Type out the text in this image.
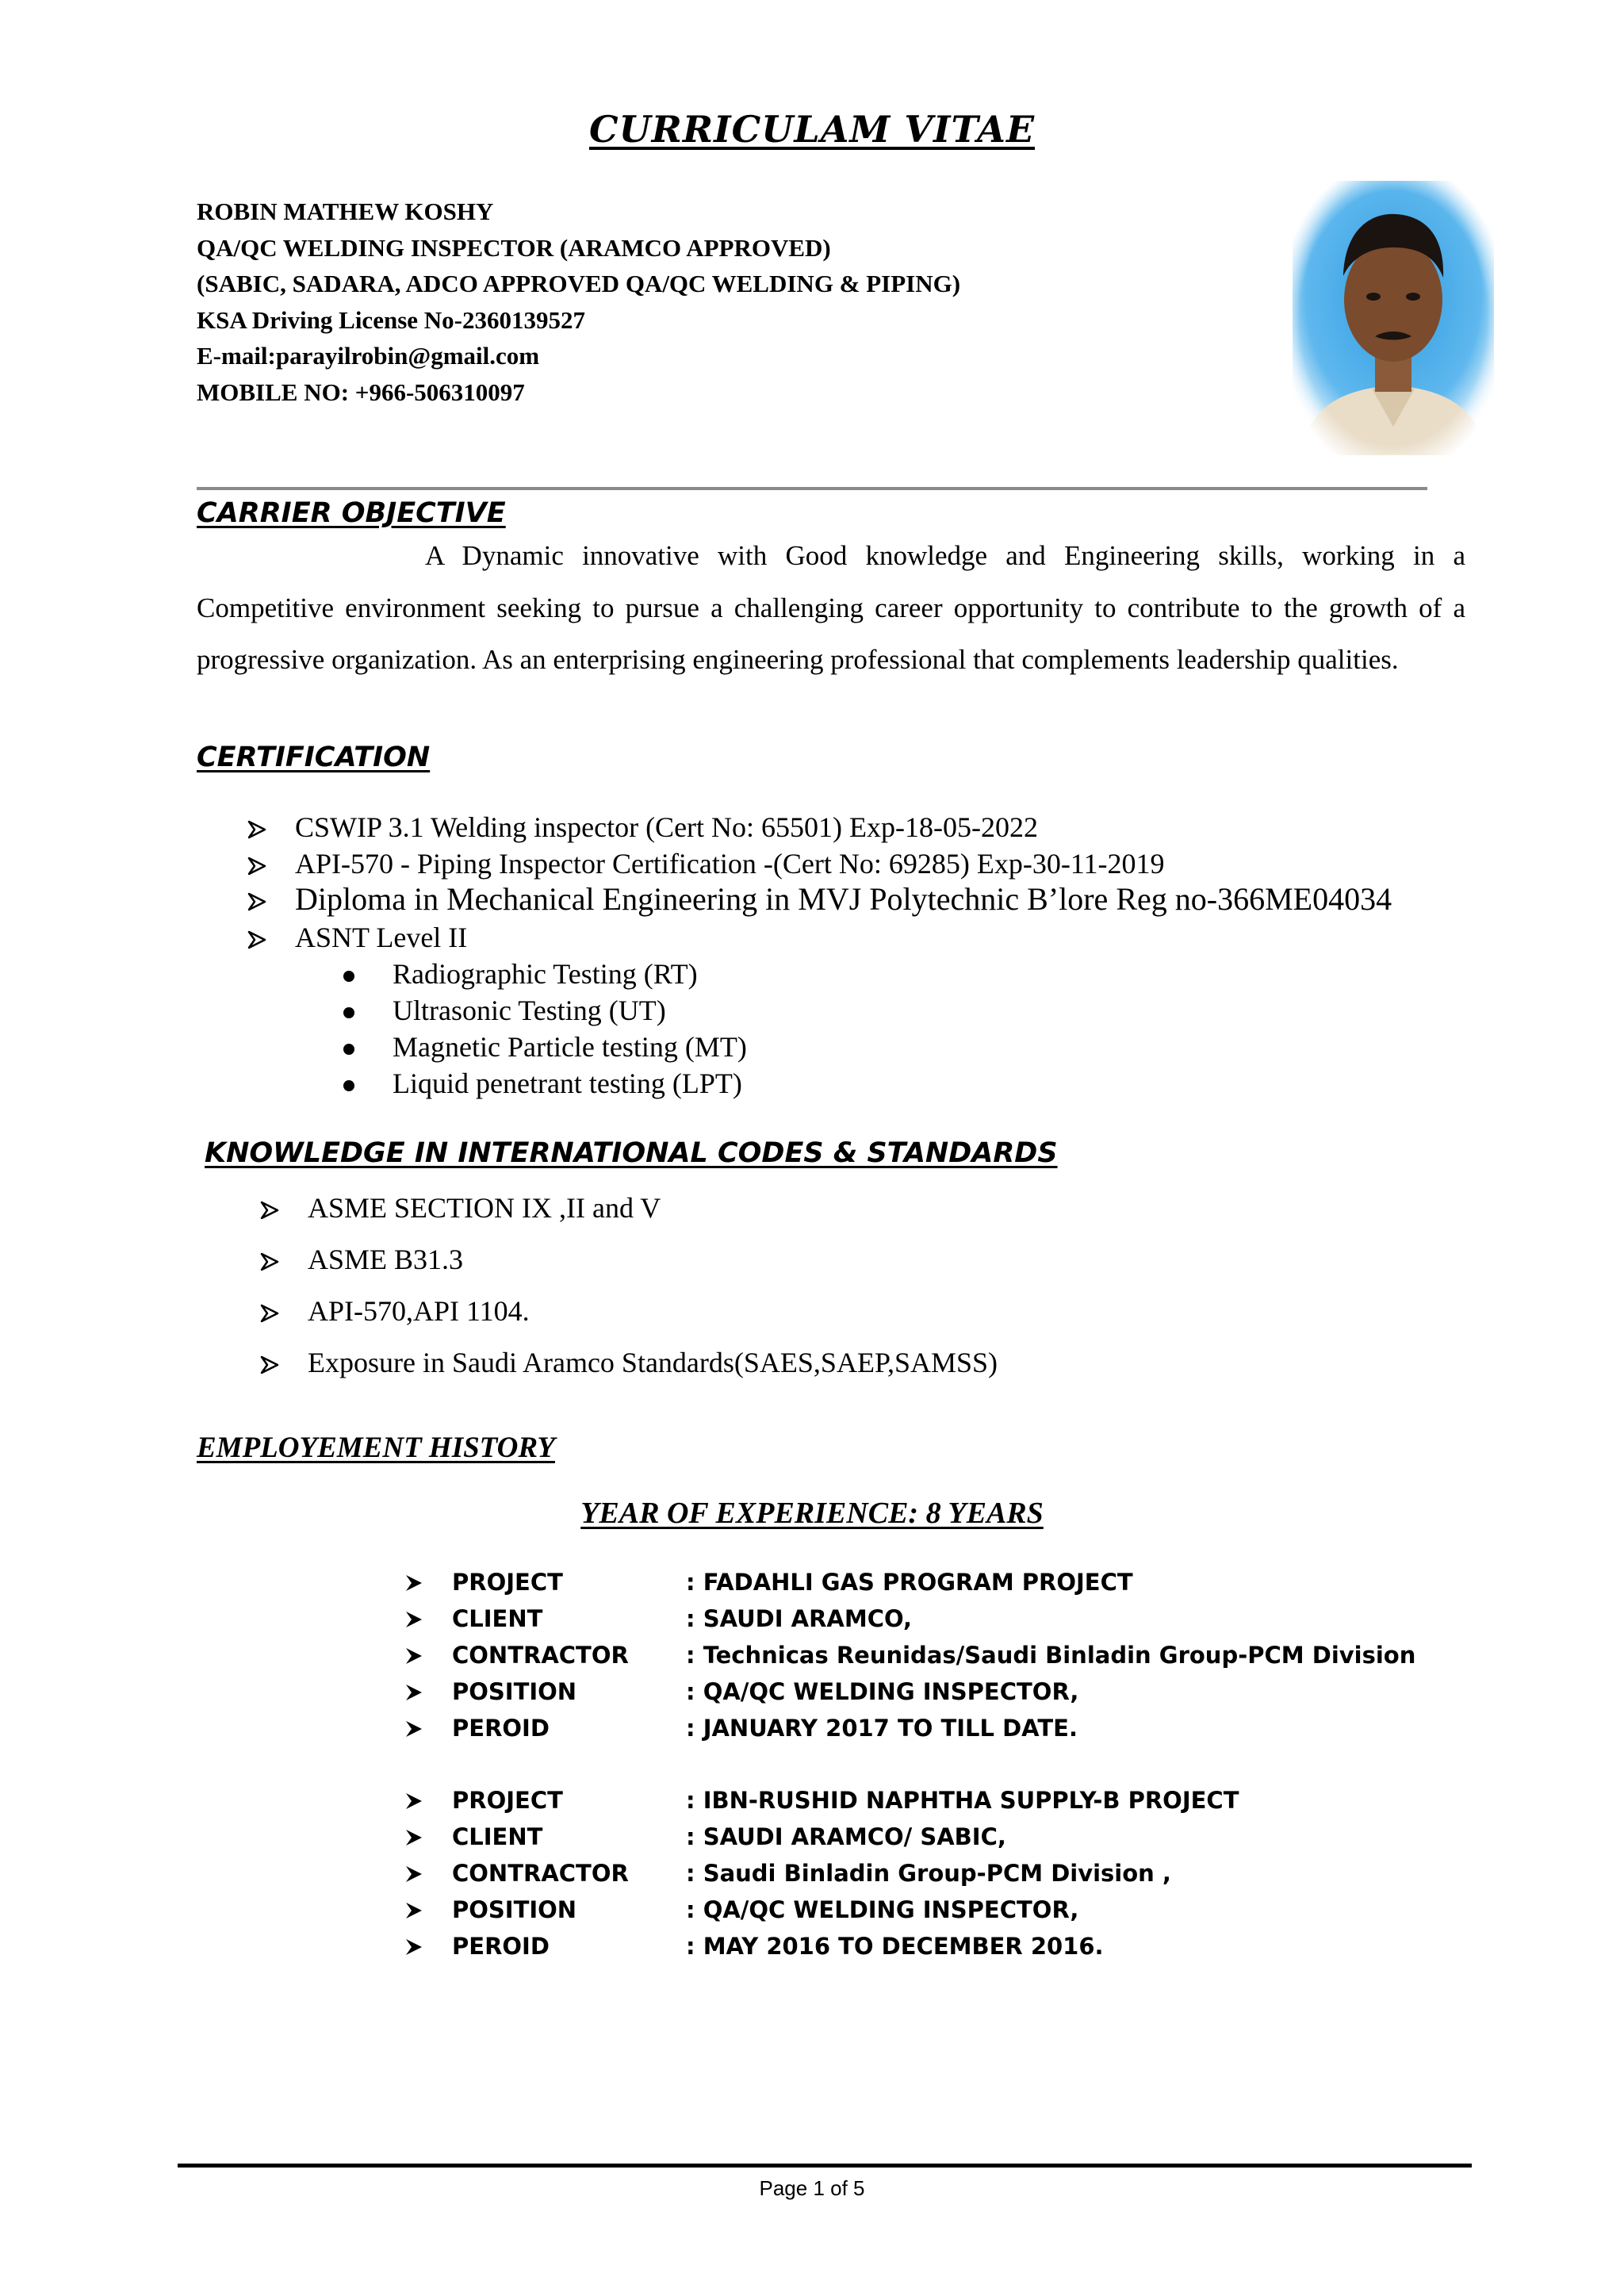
CURRICULAM VITAE
ROBIN MATHEW KOSHY
QA/QC WELDING INSPECTOR (ARAMCO APPROVED)
(SABIC, SADARA, ADCO APPROVED QA/QC WELDING & PIPING)
KSA Driving License No-2360139527
E-mail:parayilrobin@gmail.com
MOBILE NO: +966-506310097
CARRIER OBJECTIVE
A Dynamic innovative with Good knowledge and Engineering skills, working in a Competitive environment seeking to pursue a challenging career opportunity to contribute to the growth of a progressive organization. As an enterprising engineering professional that complements leadership qualities.
CERTIFICATION
CSWIP 3.1 Welding inspector (Cert No: 65501) Exp-18-05-2022
API-570 - Piping Inspector Certification -(Cert No: 69285) Exp-30-11-2019
Diploma in Mechanical Engineering in MVJ Polytechnic B’lore Reg no-366ME04034
ASNT Level II
Radiographic Testing (RT)
Ultrasonic Testing (UT)
Magnetic Particle testing (MT)
Liquid penetrant testing (LPT)
KNOWLEDGE IN INTERNATIONAL CODES & STANDARDS
ASME SECTION IX ,II and V
ASME B31.3
API-570,API 1104.
Exposure in Saudi Aramco Standards(SAES,SAEP,SAMSS)
EMPLOYEMENT HISTORY
YEAR OF EXPERIENCE: 8 YEARS
PROJECT	: FADAHLI GAS PROGRAM PROJECT
CLIENT	: SAUDI ARAMCO,
CONTRACTOR : Technicas Reunidas/Saudi Binladin Group-PCM Division
POSITION	: QA/QC WELDING INSPECTOR,
PEROID	: JANUARY 2017 TO TILL DATE.
PROJECT	: IBN-RUSHID NAPHTHA SUPPLY-B PROJECT
CLIENT	: SAUDI ARAMCO/ SABIC,
CONTRACTOR : Saudi Binladin Group-PCM Division ,
POSITION	: QA/QC WELDING INSPECTOR,
PEROID	: MAY 2016 TO DECEMBER 2016.
Page 1 of 5
